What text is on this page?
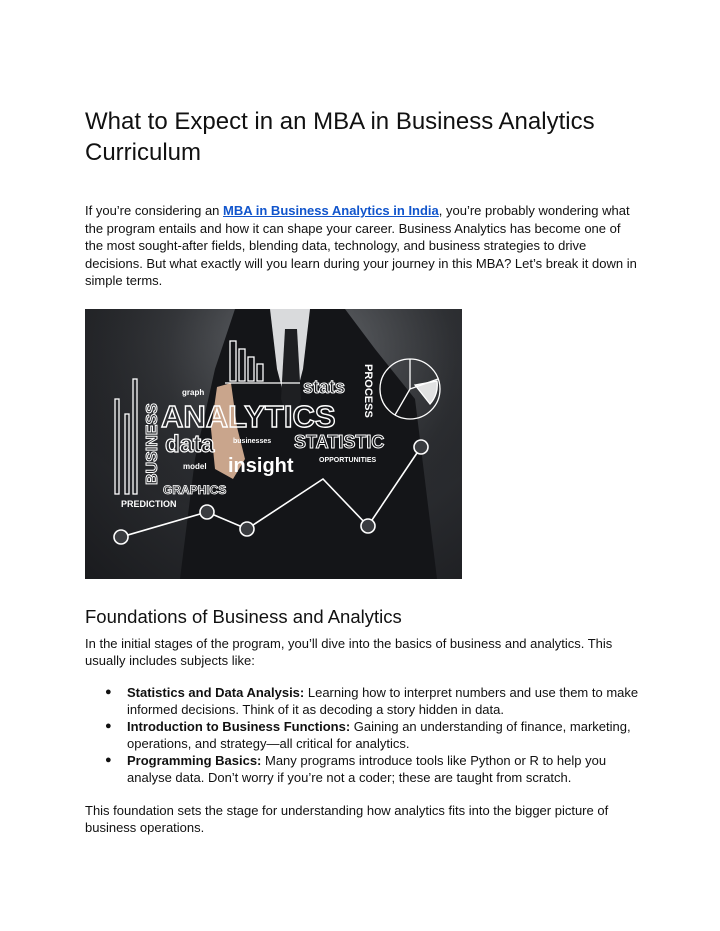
What to Expect in an MBA in Business Analytics Curriculum

If you’re considering an MBA in Business Analytics in India, you’re probably wondering what the program entails and how it can shape your career. Business Analytics has become one of the most sought-after fields, blending data, technology, and business strategies to drive decisions. But what exactly will you learn during your journey in this MBA? Let’s break it down in simple terms.

ANALYTICS
BUSINESS data
insight
STATISTIC
stats PROCESS
GRAPHICS
PREDICTION
graph
model
businesses
OPPORTUNITIES
Foundations of Business and Analytics

In the initial stages of the program, you’ll dive into the basics of business and analytics. This usually includes subjects like:

● Statistics and Data Analysis: Learning how to interpret numbers and use them to make informed decisions. Think of it as decoding a story hidden in data.
● Introduction to Business Functions: Gaining an understanding of finance, marketing, operations, and strategy—all critical for analytics.
● Programming Basics: Many programs introduce tools like Python or R to help you analyse data. Don’t worry if you’re not a coder; these are taught from scratch.

This foundation sets the stage for understanding how analytics fits into the bigger picture of business operations.
